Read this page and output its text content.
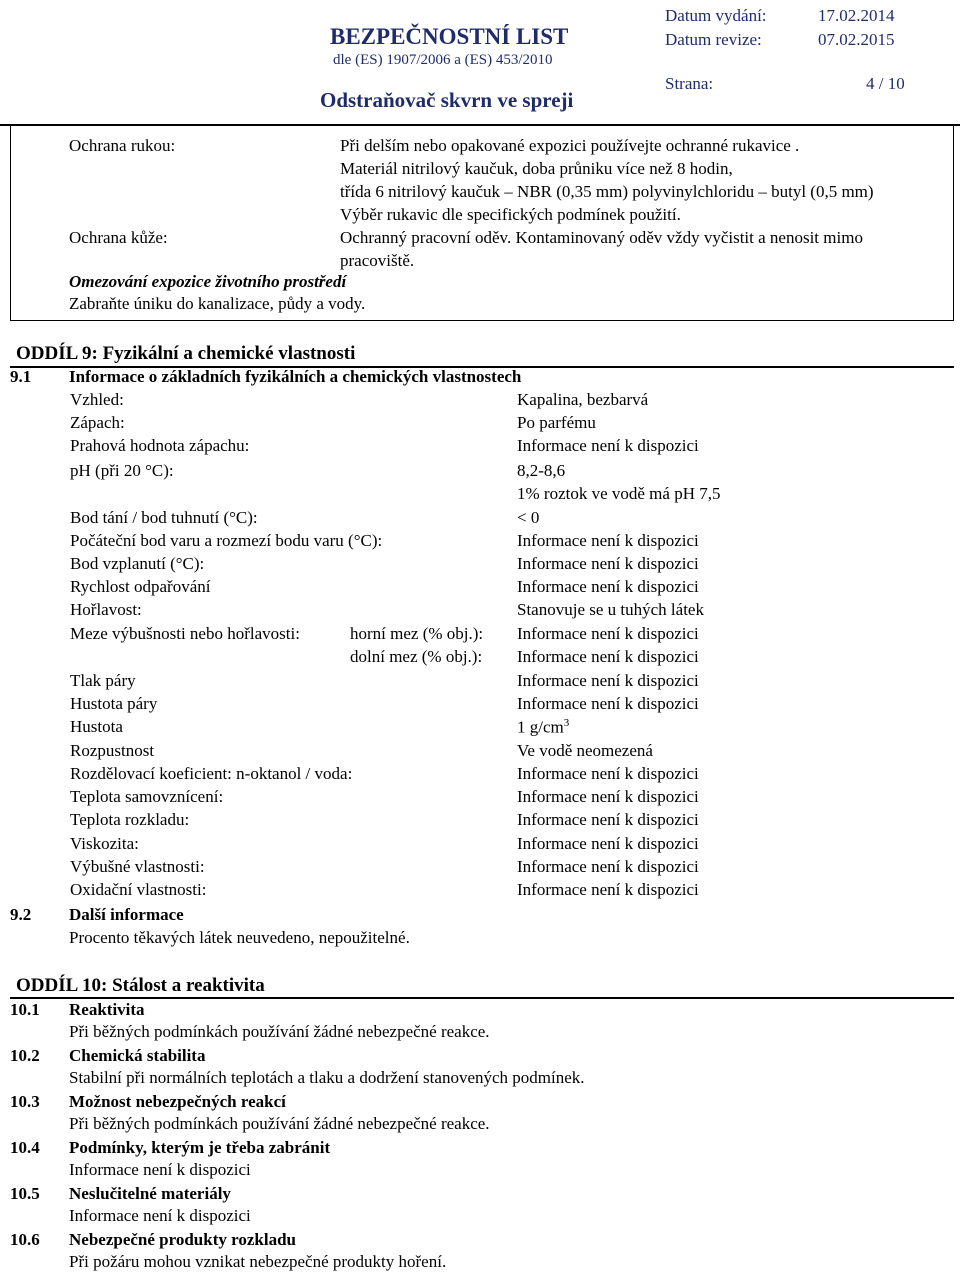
BEZPEČNOSTNÍ LIST
dle (ES) 1907/2006 a (ES) 453/2010
Odstraňovač skvrn ve spreji
Datum vydání:	17.02.2014
Datum revize:	07.02.2015
Strana:	4 / 10
Ochrana rukou:	Při delším nebo opakované expozici používejte ochranné rukavice .
Materiál nitrilový kaučuk, doba průniku více než 8 hodin,
třída 6 nitrilový kaučuk – NBR (0,35 mm) polyvinylchloridu – butyl (0,5 mm)
Výběr rukavic dle specifických podmínek použití.
Ochrana kůže:	Ochranný pracovní oděv. Kontaminovaný oděv vždy vyčistit a nenosit mimo
pracoviště.
Omezování expozice životního prostředí
Zabraňte úniku do kanalizace, půdy a vody.
ODDÍL 9: Fyzikální a chemické vlastnosti
9.1 Informace o základních fyzikálních a chemických vlastnostech
Vzhled:	Kapalina, bezbarvá
Zápach:	Po parfému
Prahová hodnota zápachu:	Informace není k dispozici
pH (při 20 °C):	8,2-8,6
1% roztok ve vodě má pH 7,5
Bod tání / bod tuhnutí (°C):	< 0
Počáteční bod varu a rozmezí bodu varu (°C):	Informace není k dispozici
Bod vzplanutí (°C):	Informace není k dispozici
Rychlost odpařování	Informace není k dispozici
Hořlavost:	Stanovuje se u tuhých látek
Meze výbušnosti nebo hořlavosti:	horní mez (% obj.): Informace není k dispozici
dolní mez (% obj.): Informace není k dispozici
Tlak páry	Informace není k dispozici
Hustota páry	Informace není k dispozici
Hustota	1 $g/cm^3$
Rozpustnost	Ve vodě neomezená
Rozdělovací koeficient: n-oktanol / voda:	Informace není k dispozici
Teplota samovznícení:	Informace není k dispozici
Teplota rozkladu:	Informace není k dispozici
Viskozita:	Informace není k dispozici
Výbušné vlastnosti:	Informace není k dispozici
Oxidační vlastnosti:	Informace není k dispozici
9.2 Další informace
Procento těkavých látek neuvedeno, nepoužitelné.
ODDÍL 10: Stálost a reaktivita
10.1 Reaktivita
Při běžných podmínkách používání žádné nebezpečné reakce.
10.2 Chemická stabilita
Stabilní při normálních teplotách a tlaku a dodržení stanovených podmínek.
10.3 Možnost nebezpečných reakcí
Při běžných podmínkách používání žádné nebezpečné reakce.
10.4 Podmínky, kterým je třeba zabránit
Informace není k dispozici
10.5 Neslučitelné materiály
Informace není k dispozici
10.6 Nebezpečné produkty rozkladu
Při požáru mohou vznikat nebezpečné produkty hoření.
